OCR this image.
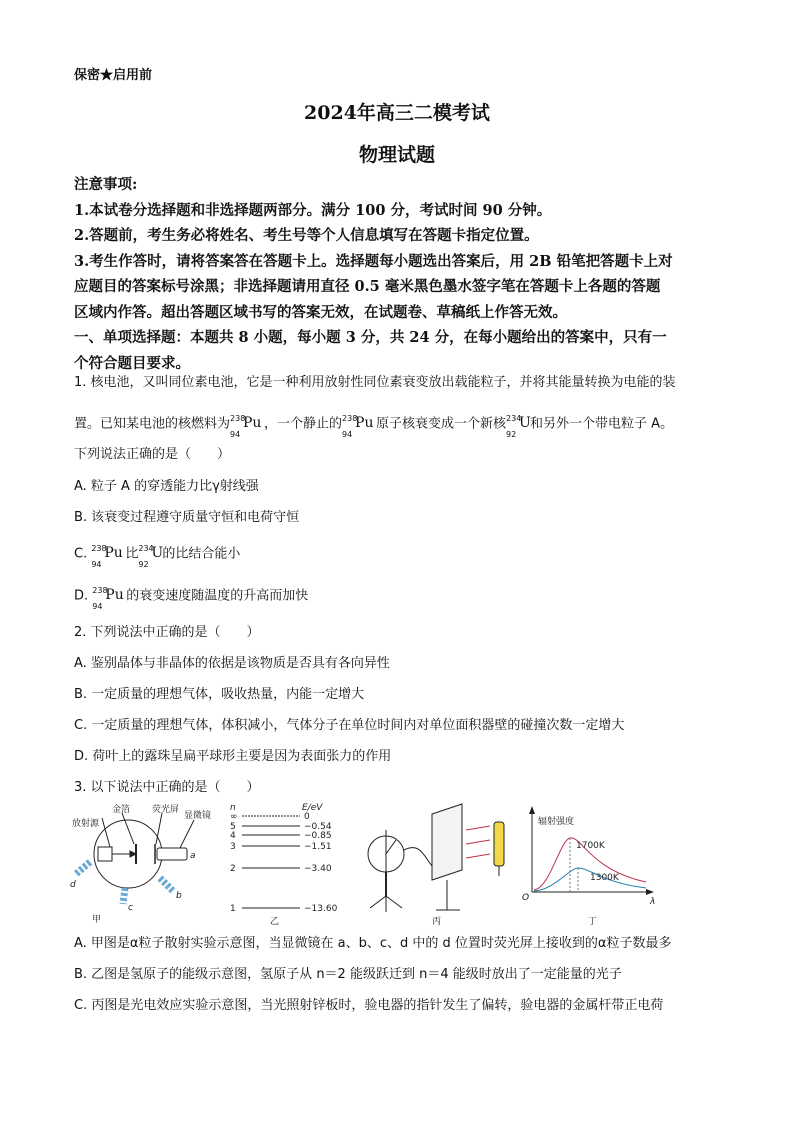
保密★启用前
2024年高三二模考试
物理试题
注意事项:
1.本试卷分选择题和非选择题两部分。满分 100 分，考试时间 90 分钟。
2.答题前，考生务必将姓名、考生号等个人信息填写在答题卡指定位置。
3.考生作答时，请将答案答在答题卡上。选择题每小题选出答案后，用 2B 铅笔把答题卡上对
应题目的答案标号涂黑；非选择题请用直径 0.5 毫米黑色墨水签字笔在答题卡上各题的答题
区域内作答。超出答题区域书写的答案无效，在试题卷、草稿纸上作答无效。
一、单项选择题：本题共 8 小题，每小题 3 分，共 24 分，在每小题给出的答案中，只有一
个符合题目要求。
1. 核电池，又叫同位素电池，它是一种利用放射性同位素衰变放出载能粒子，并将其能量转换为电能的装
置。已知某电池的核燃料为 238
94
Pu ，一个静止的 238
94
Pu 原子核衰变成一个新核 234
92
U 和另外一个带电粒子 A。
下列说法正确的是（　　）
A. 粒子 A 的穿透能力比γ射线强
B. 该衰变过程遵守质量守恒和电荷守恒
C. 238
94
Pu 比 234
92
U 的比结合能小
D. 238
94
Pu 的衰变速度随温度的升高而加快
2. 下列说法中正确的是（　　）
A. 鉴别晶体与非晶体的依据是该物质是否具有各向异性
B. 一定质量的理想气体，吸收热量，内能一定增大
C. 一定质量的理想气体，体积减小，气体分子在单位时间内对单位面积器壁的碰撞次数一定增大
D. 荷叶上的露珠呈扁平球形主要是因为表面张力的作用
3. 以下说法中正确的是（　　）
放射源
金箔 荧光屏
显微镜
a
b
c
d
甲
n	E/eV
∞	0
5	−0.54
4	−0.85
3	−1.51
2	−3.40
1	−13.60
乙	丙
辐射强度
1700K
1300K
O	λ
丁
A. 甲图是α粒子散射实验示意图，当显微镜在 a、b、c、d 中的 d 位置时荧光屏上接收到的α粒子数最多
B. 乙图是氢原子的能级示意图，氢原子从 n＝2 能级跃迁到 n＝4 能级时放出了一定能量的光子
C. 丙图是光电效应实验示意图，当光照射锌板时，验电器的指针发生了偏转，验电器的金属杆带正电荷
